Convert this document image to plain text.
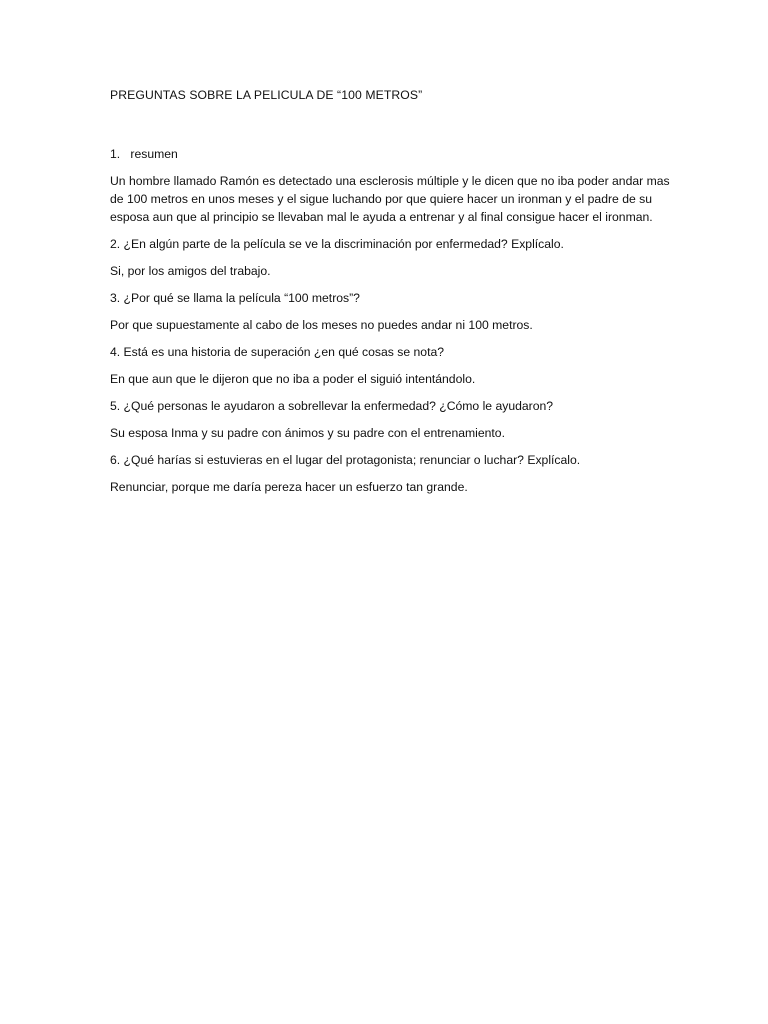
PREGUNTAS SOBRE LA PELICULA DE “100 METROS”
1. resumen
Un hombre llamado Ramón es detectado una esclerosis múltiple y le dicen que no iba poder andar mas de 100 metros en unos meses y el sigue luchando por que quiere hacer un ironman y el padre de su esposa aun que al principio se llevaban mal le ayuda a entrenar y al final consigue hacer el ironman.
2. ¿En algún parte de la película se ve la discriminación por enfermedad? Explícalo.
Si, por los amigos del trabajo.
3. ¿Por qué se llama la película “100 metros”?
Por que supuestamente al cabo de los meses no puedes andar ni 100 metros.
4. Está es una historia de superación ¿en qué cosas se nota?
En que aun que le dijeron que no iba a poder el siguió intentándolo.
5. ¿Qué personas le ayudaron a sobrellevar la enfermedad? ¿Cómo le ayudaron?
Su esposa Inma y su padre con ánimos y su padre con el entrenamiento.
6. ¿Qué harías si estuvieras en el lugar del protagonista; renunciar o luchar? Explícalo.
Renunciar, porque me daría pereza hacer un esfuerzo tan grande.
